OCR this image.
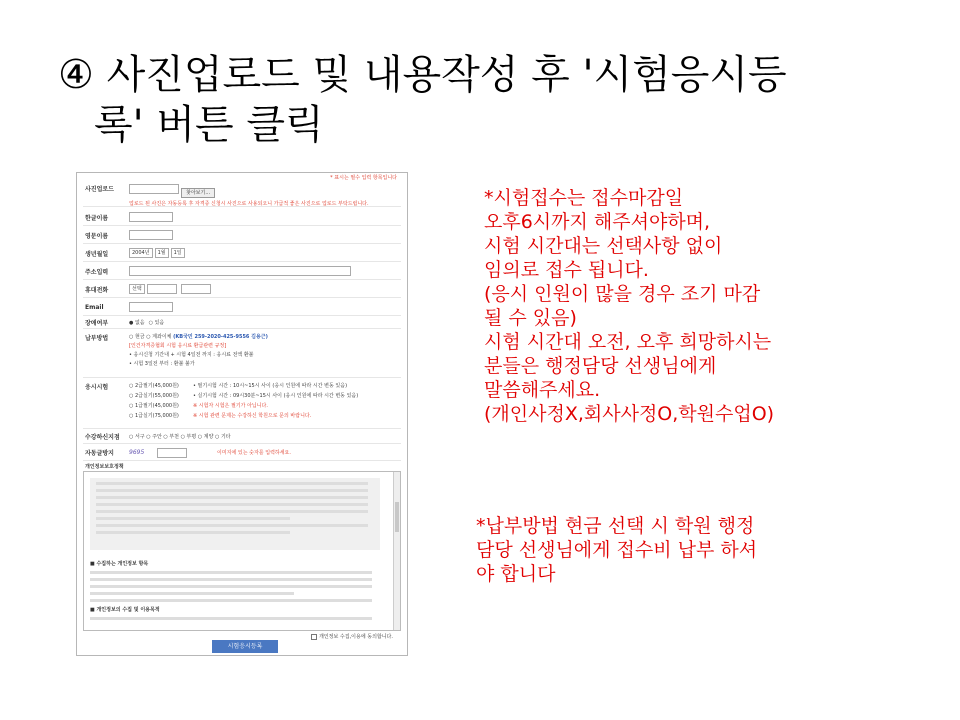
④ 사진업로드 및 내용작성 후 '시험응시등
록' 버튼 클릭
* 표시는 필수 입력 항목입니다
사진업로드	찾아보기...
업로드 된 사진은 자동등록 후 자격증 신청시 사진으로 사용되오니 가급적 좋은 사진으로 업로드 부탁드립니다.
한글이름
영문이름
생년월일	2004년	1월	1일
주소입력
휴대전화	선택
Email
장애여부	● 없음 ○ 있음
납부방법	○ 현금 ○ 계좌이체 (KB국민 259-2020-425-9556 김용근)
[인건자격증협회 시험 응시료 환급관련 규정]
• 응시신청 기간내 + 시험 4일전 까지 : 응시료 전액 환불
• 시험 3일전 부터 : 환불 불가
응시시험	○ 2급필기(45,000원)
○ 2급실기(55,000원)
○ 1급필기(45,000원)
○ 1급실기(75,000원)
• 필기시험 시간 : 10시~15시 사이 (응시 인원에 따라 시간 변동 있음)
• 실기시험 시간 : 09시30분~15시 사이 (응시 인원에 따라 시간 변동 있음)
※ 시험자 시험은 필기가 아닙니다.
※ 시험 관련 문제는 수강하신 학원으로 문의 바랍니다.
수강하신지점	○ 서구 ○ 주안 ○ 부천 ○ 부평 ○ 계양 ○ 기타
자동글방지	9695	이미지에 있는 숫자를 입력하세요.
개인정보보호정책
■ 수집하는 개인정보 항목
■ 개인정보의 수집 및 이용목적
개인정보 수집,이용에 동의합니다.
시험응시등록
*시험접수는 접수마감일
오후6시까지 해주셔야하며,
시험 시간대는 선택사항 없이
임의로 접수 됩니다.
(응시 인원이 많을 경우 조기 마감
될 수 있음)
시험 시간대 오전, 오후 희망하시는
분들은 행정담당 선생님에게
말씀해주세요.
(개인사정X,회사사정O,학원수업O)
*납부방법 현금 선택 시 학원 행정
담당 선생님에게 접수비 납부 하셔
야 합니다
